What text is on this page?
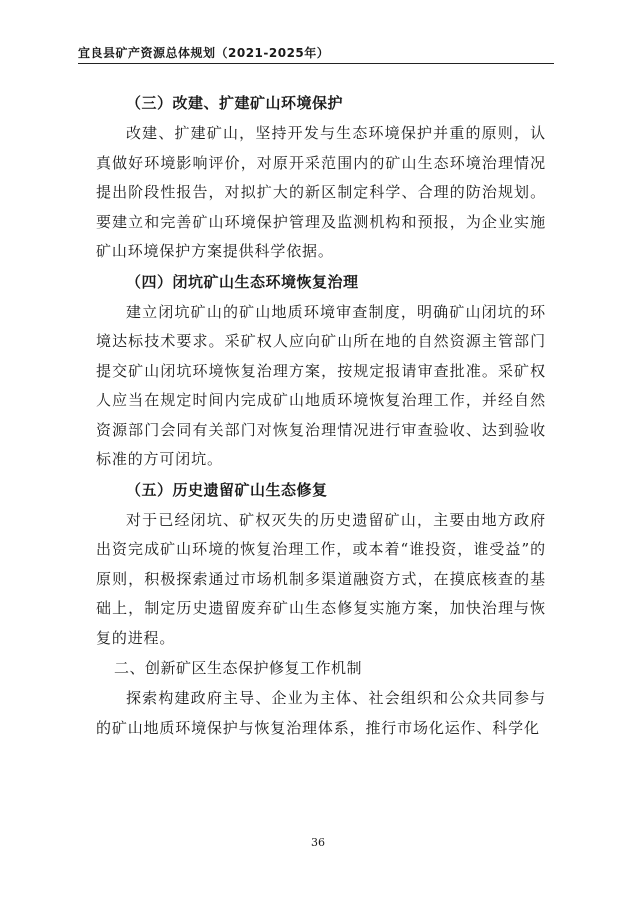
宜良县矿产资源总体规划（2021-2025年）
（三）改建、扩建矿山环境保护

改建、扩建矿山，坚持开发与生态环境保护并重的原则，认真做好环境影响评价，对原开采范围内的矿山生态环境治理情况提出阶段性报告，对拟扩大的新区制定科学、合理的防治规划。要建立和完善矿山环境保护管理及监测机构和预报，为企业实施矿山环境保护方案提供科学依据。

（四）闭坑矿山生态环境恢复治理

建立闭坑矿山的矿山地质环境审查制度，明确矿山闭坑的环境达标技术要求。采矿权人应向矿山所在地的自然资源主管部门提交矿山闭坑环境恢复治理方案，按规定报请审查批准。采矿权人应当在规定时间内完成矿山地质环境恢复治理工作，并经自然资源部门会同有关部门对恢复治理情况进行审查验收、达到验收标准的方可闭坑。

（五）历史遗留矿山生态修复

对于已经闭坑、矿权灭失的历史遗留矿山，主要由地方政府出资完成矿山环境的恢复治理工作，或本着“谁投资，谁受益”的原则，积极探索通过市场机制多渠道融资方式，在摸底核查的基础上，制定历史遗留废弃矿山生态修复实施方案，加快治理与恢复的进程。

二、创新矿区生态保护修复工作机制

探索构建政府主导、企业为主体、社会组织和公众共同参与的矿山地质环境保护与恢复治理体系，推行市场化运作、科学化

36
